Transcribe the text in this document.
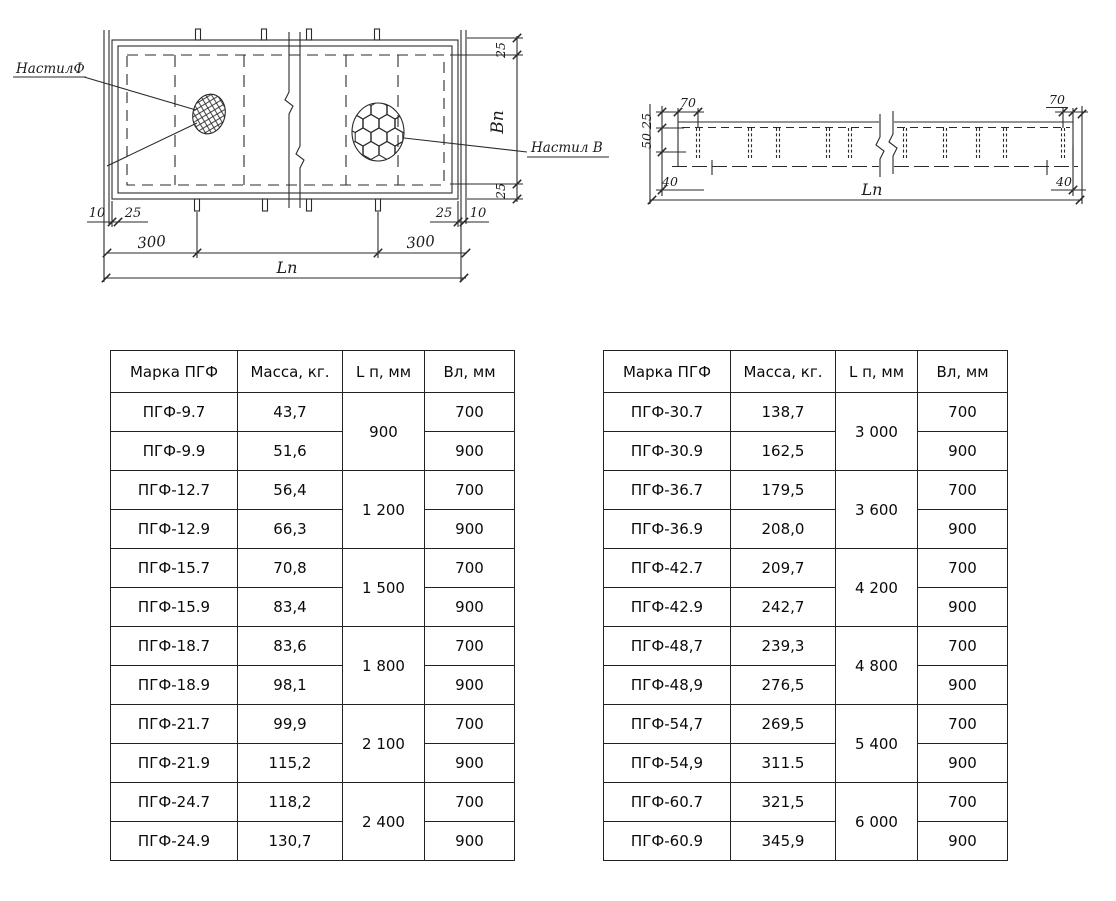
НастилФ
Настил В
25
Вп
25
10 25	25 10
300	300
Lп
25
50
40
70	70
40
Lп
Марка ПГФ	Масса, кг.	L п, мм	Вл, мм
ПГФ-9.7	43,7	900	700
ПГФ-9.9	51,6		900
ПГФ-12.7	56,4	1 200	700
ПГФ-12.9	66,3		900
ПГФ-15.7	70,8	1 500	700
ПГФ-15.9	83,4		900
ПГФ-18.7	83,6	1 800	700
ПГФ-18.9	98,1		900
ПГФ-21.7	99,9	2 100	700
ПГФ-21.9	115,2		900
ПГФ-24.7	118,2	2 400	700
ПГФ-24.9	130,7		900
Марка ПГФ	Масса, кг.	L п, мм	Вл, мм
ПГФ-30.7	138,7	3 000	700
ПГФ-30.9	162,5		900
ПГФ-36.7	179,5	3 600	700
ПГФ-36.9	208,0		900
ПГФ-42.7	209,7	4 200	700
ПГФ-42.9	242,7		900
ПГФ-48,7	239,3	4 800	700
ПГФ-48,9	276,5		900
ПГФ-54,7	269,5	5 400	700
ПГФ-54,9	311.5		900
ПГФ-60.7	321,5	6 000	700
ПГФ-60.9	345,9		900
